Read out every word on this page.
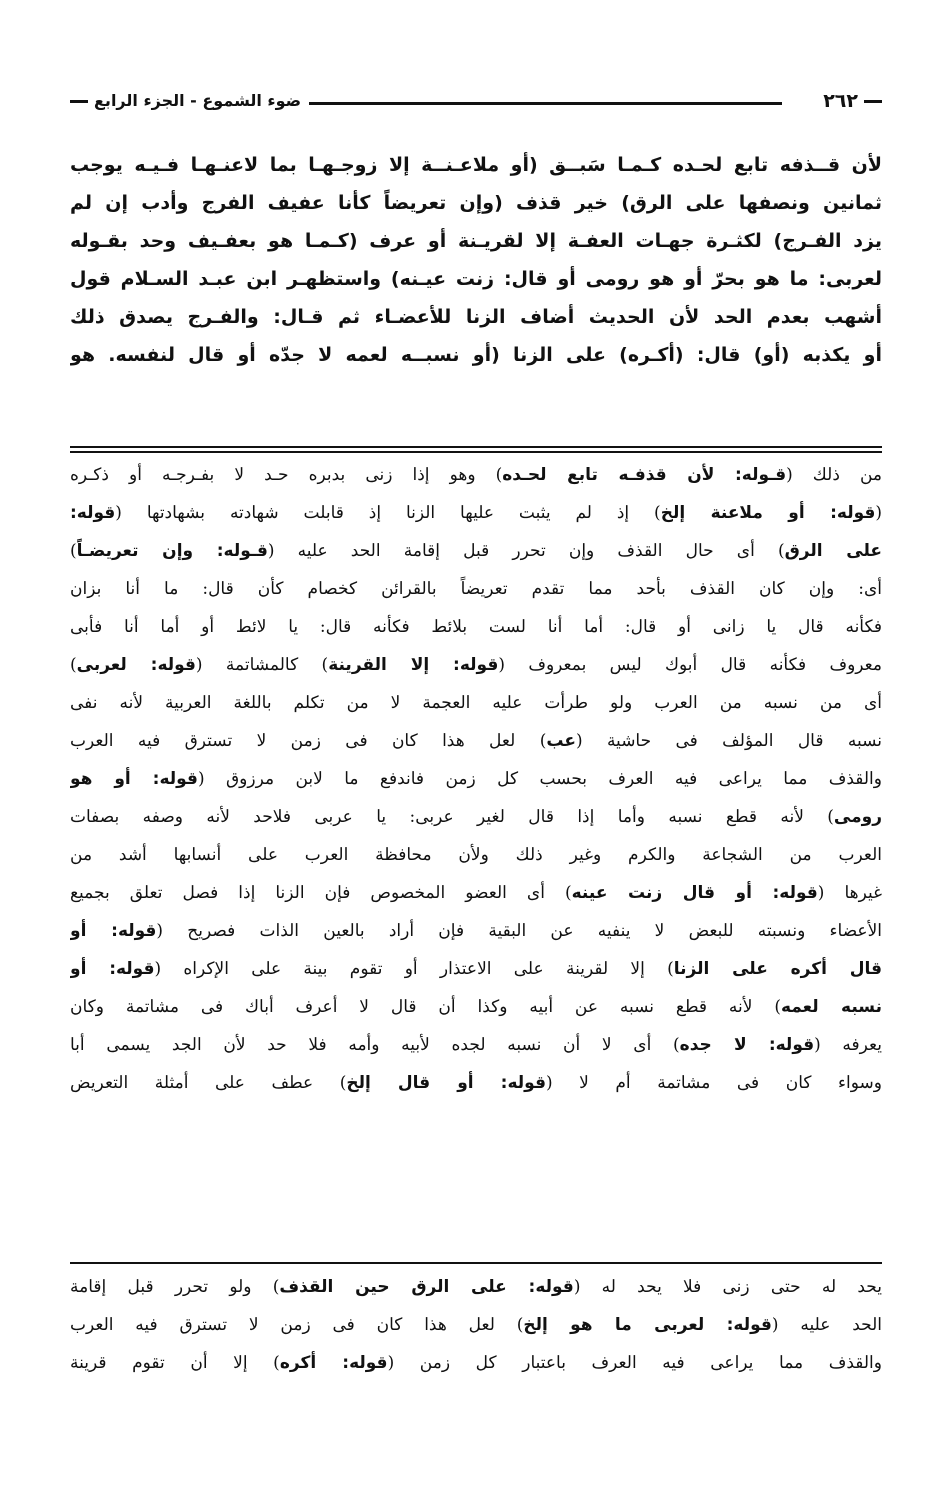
٢٦٢
ضوء الشموع - الجزء الرابع
لأن قــذفه تابع لحـده كـمـا سَبــق (أو ملاعـنــة إلا زوجـهـا بما لاعنـهـا فـيـه يوجب
ثمانين ونصفها على الرق) خير قذف (وإن تعريضاً كأنا عفيف الفرج وأدب إن لم
يزد الفـرج) لكثـرة جهـات العفـة إلا لقريـنة أو عرف (كـمـا هو بعفـيف وحد بقـوله
لعربى: ما هو بحرّ أو هو رومى أو قال: زنت عيـنه) واستظهـر ابن عبـد السـلام قول
أشهب بعدم الحد لأن الحديث أضاف الزنا للأعضـاء ثم قـال: والفـرج يصدق ذلك
أو يكذبه (أو) قال: (أكـره) على الزنا (أو نسبــه لعمه لا جدّه أو قال لنفسه. هو
من ذلك (قـوله: لأن قذفـه تابع لحـده) وهو إذا زنى بدبره حـد لا بفـرجـه أو ذكـره
(قوله: أو ملاعنة إلخ) إذ لم يثبت عليها الزنا إذ قابلت شهادته بشهادتها (قوله:
على الرق) أى حال القذف وإن تحرر قبل إقامة الحد عليه (قـوله: وإن تعريضـاً)
أى: وإن كان القذف بأحد مما تقدم تعريضاً بالقرائن كخصام كأن قال: ما أنا بزان
فكأنه قال يا زانى أو قال: أما أنا لست بلائط فكأنه قال: يا لائط أو أما أنا فأبى
معروف فكأنه قال أبوك ليس بمعروف (قوله: إلا القرينة) كالمشاتمة (قوله: لعربى)
أى من نسبه من العرب ولو طرأت عليه العجمة لا من تكلم باللغة العربية لأنه نفى
نسبه قال المؤلف فى حاشية (عب) لعل هذا كان فى زمن لا تسترق فيه العرب
والقذف مما يراعى فيه العرف بحسب كل زمن فاندفع ما لابن مرزوق (قوله: أو هو
رومى) لأنه قطع نسبه وأما إذا قال لغير عربى: يا عربى فلاحد لأنه وصفه بصفات
العرب من الشجاعة والكرم وغير ذلك ولأن محافظة العرب على أنسابها أشد من
غيرها (قوله: أو قال زنت عينه) أى العضو المخصوص فإن الزنا إذا فصل تعلق بجميع
الأعضاء ونسبته للبعض لا ينفيه عن البقية فإن أراد بالعين الذات فصريح (قوله: أو
قال أكره على الزنا) إلا لقرينة على الاعتذار أو تقوم بينة على الإكراه (قوله: أو
نسبه لعمه) لأنه قطع نسبه عن أبيه وكذا أن قال لا أعرف أباك فى مشاتمة وكان
يعرفه (قوله: لا جده) أى لا أن نسبه لجده لأبيه وأمه فلا حد لأن الجد يسمى أبا
وسواء كان فى مشاتمة أم لا (قوله: أو قال إلخ) عطف على أمثلة التعريض
يحد له حتى زنى فلا يحد له (قوله: على الرق حين القذف) ولو تحرر قبل إقامة
الحد عليه (قوله: لعربى ما هو إلخ) لعل هذا كان فى زمن لا تسترق فيه العرب
والقذف مما يراعى فيه العرف باعتبار كل زمن (قوله: أكره) إلا أن تقوم قرينة
